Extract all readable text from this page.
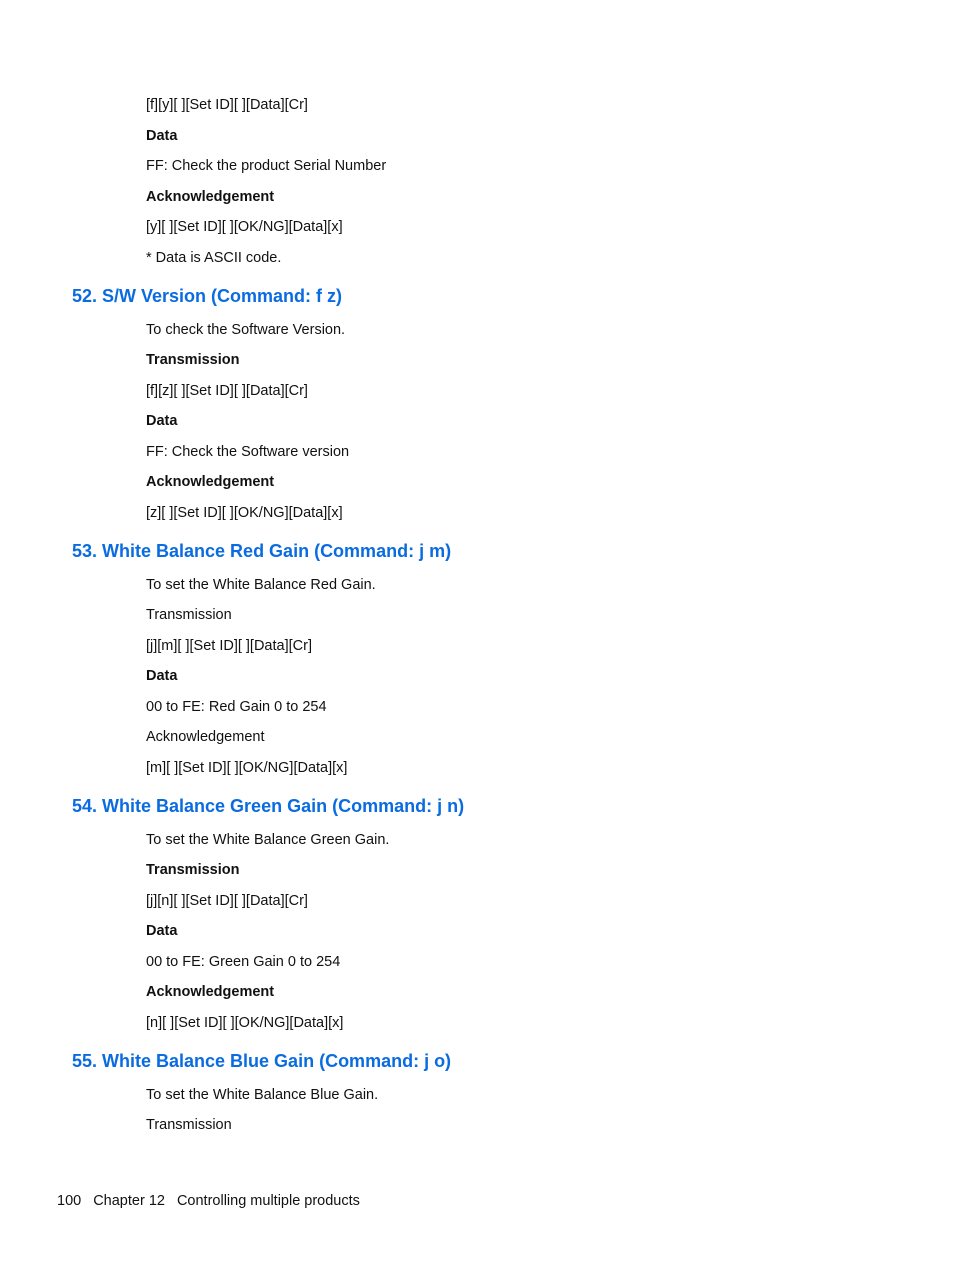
[f][y][ ][Set ID][ ][Data][Cr]
Data
FF: Check the product Serial Number
Acknowledgement
[y][ ][Set ID][ ][OK/NG][Data][x]
* Data is ASCII code.
52. S/W Version (Command: f z)
To check the Software Version.
Transmission
[f][z][ ][Set ID][ ][Data][Cr]
Data
FF: Check the Software version
Acknowledgement
[z][ ][Set ID][ ][OK/NG][Data][x]
53. White Balance Red Gain (Command: j m)
To set the White Balance Red Gain.
Transmission
[j][m][ ][Set ID][ ][Data][Cr]
Data
00 to FE: Red Gain 0 to 254
Acknowledgement
[m][ ][Set ID][ ][OK/NG][Data][x]
54. White Balance Green Gain (Command: j n)
To set the White Balance Green Gain.
Transmission
[j][n][ ][Set ID][ ][Data][Cr]
Data
00 to FE: Green Gain 0 to 254
Acknowledgement
[n][ ][Set ID][ ][OK/NG][Data][x]
55. White Balance Blue Gain (Command: j o)
To set the White Balance Blue Gain.
Transmission
100 Chapter 12 Controlling multiple products
